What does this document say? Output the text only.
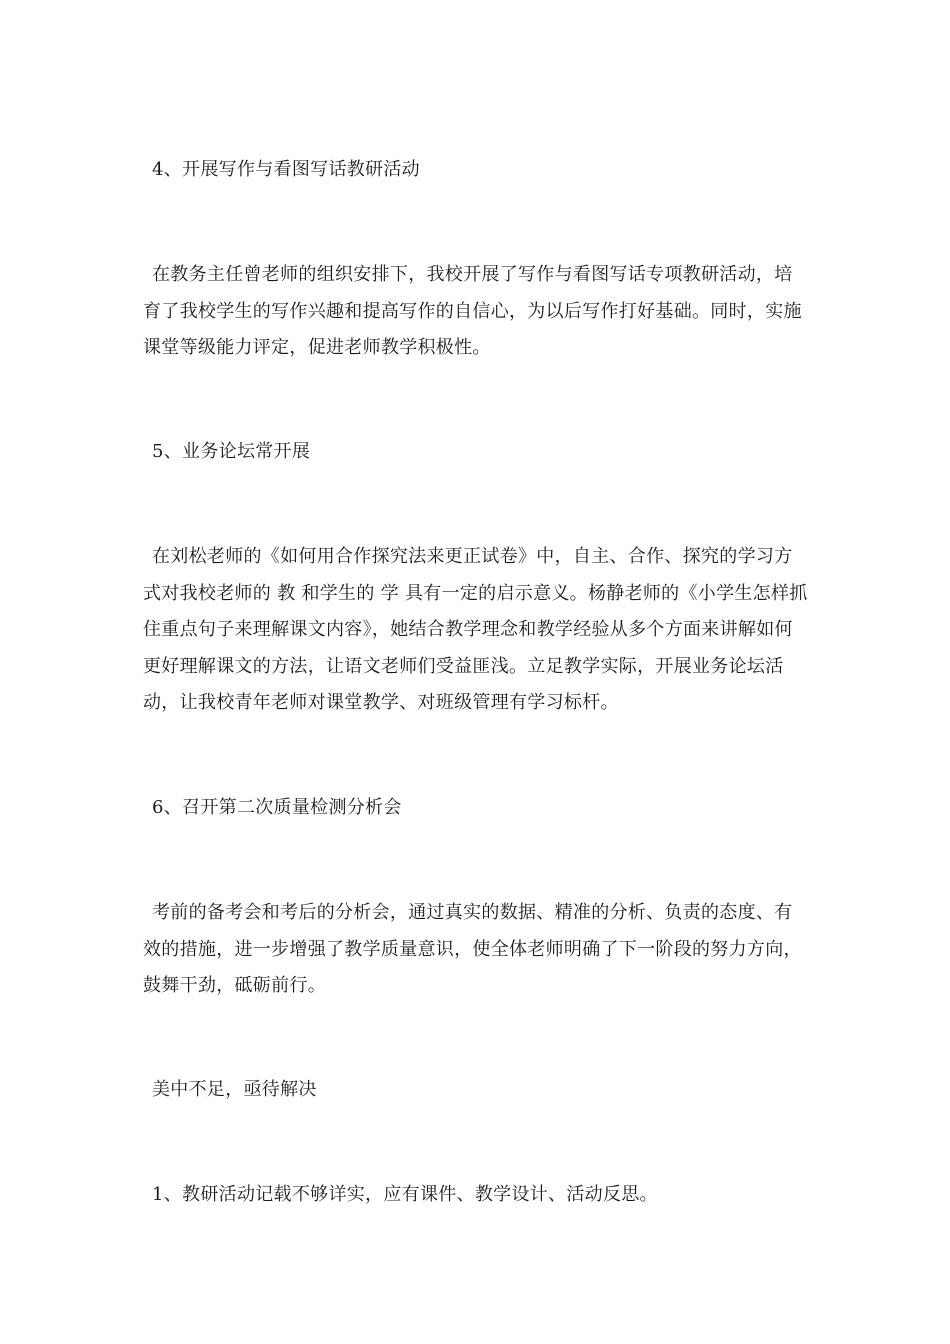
4、开展写作与看图写话教研活动

在教务主任曾老师的组织安排下，我校开展了写作与看图写话专项教研活动，培育了我校学生的写作兴趣和提高写作的自信心，为以后写作打好基础。同时，实施课堂等级能力评定，促进老师教学积极性。

5、业务论坛常开展

在刘松老师的《如何用合作探究法来更正试卷》中，自主、合作、探究的学习方式对我校老师的 教 和学生的 学 具有一定的启示意义。杨静老师的《小学生怎样抓住重点句子来理解课文内容》，她结合教学理念和教学经验从多个方面来讲解如何更好理解课文的方法，让语文老师们受益匪浅。立足教学实际，开展业务论坛活动，让我校青年老师对课堂教学、对班级管理有学习标杆。

6、召开第二次质量检测分析会

考前的备考会和考后的分析会，通过真实的数据、精准的分析、负责的态度、有效的措施，进一步增强了教学质量意识，使全体老师明确了下一阶段的努力方向，鼓舞干劲，砥砺前行。

美中不足，亟待解决

1、教研活动记载不够详实，应有课件、教学设计、活动反思。
